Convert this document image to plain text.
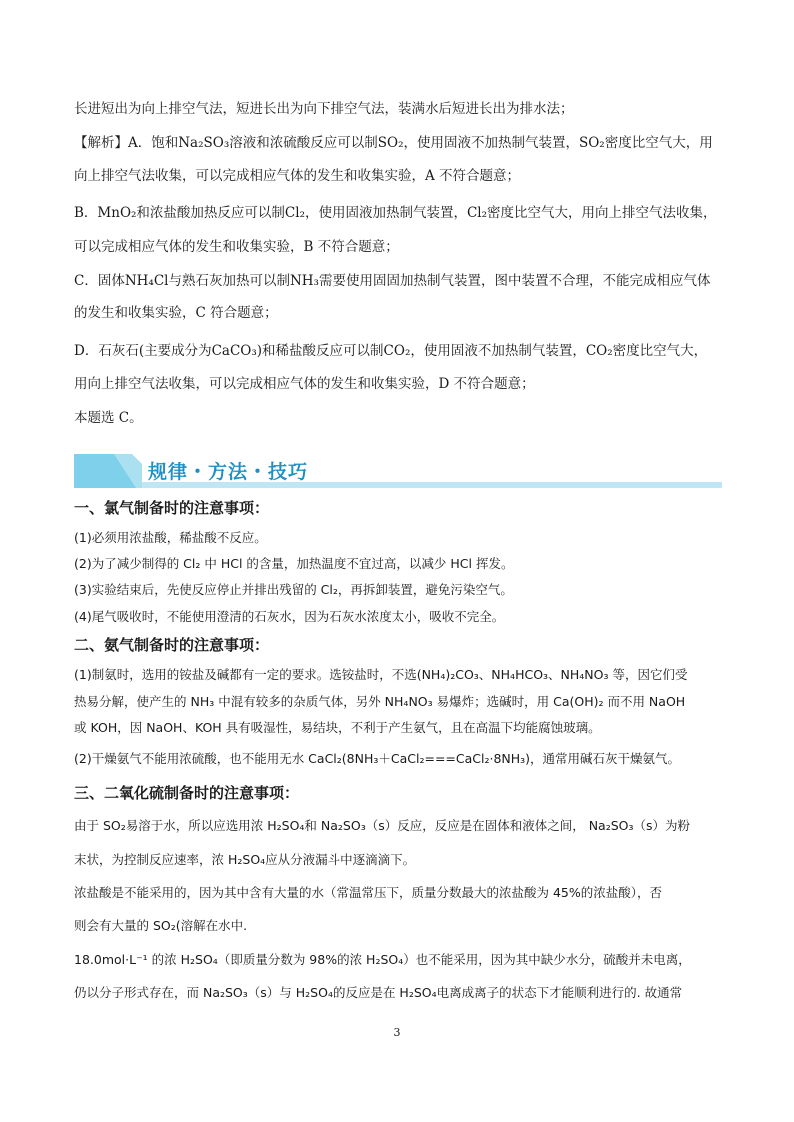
长进短出为向上排空气法，短进长出为向下排空气法，装满水后短进长出为排水法；
【解析】A．饱和Na₂SO₃溶液和浓硫酸反应可以制SO₂，使用固液不加热制气装置，SO₂密度比空气大，用
向上排空气法收集，可以完成相应气体的发生和收集实验，A 不符合题意；
B．MnO₂和浓盐酸加热反应可以制Cl₂，使用固液加热制气装置，Cl₂密度比空气大，用向上排空气法收集，
可以完成相应气体的发生和收集实验，B 不符合题意；
C．固体NH₄Cl与熟石灰加热可以制NH₃需要使用固固加热制气装置，图中装置不合理，不能完成相应气体
的发生和收集实验，C 符合题意；
D．石灰石(主要成分为CaCO₃)和稀盐酸反应可以制CO₂，使用固液不加热制气装置，CO₂密度比空气大，
用向上排空气法收集，可以完成相应气体的发生和收集实验，D 不符合题意；
本题选 C。
规律・方法・技巧
一、氯气制备时的注意事项：
(1)必须用浓盐酸，稀盐酸不反应。
(2)为了减少制得的 Cl₂ 中 HCl 的含量，加热温度不宜过高，以减少 HCl 挥发。
(3)实验结束后，先使反应停止并排出残留的 Cl₂，再拆卸装置，避免污染空气。
(4)尾气吸收时，不能使用澄清的石灰水，因为石灰水浓度太小，吸收不完全。
二、氨气制备时的注意事项：
(1)制氨时，选用的铵盐及碱都有一定的要求。选铵盐时，不选(NH₄)₂CO₃、NH₄HCO₃、NH₄NO₃ 等，因它们受
热易分解，使产生的 NH₃ 中混有较多的杂质气体，另外 NH₄NO₃ 易爆炸；选碱时，用 Ca(OH)₂ 而不用 NaOH
或 KOH，因 NaOH、KOH 具有吸湿性，易结块，不利于产生氨气，且在高温下均能腐蚀玻璃。
(2)干燥氨气不能用浓硫酸，也不能用无水 CaCl₂(8NH₃＋CaCl₂===CaCl₂·8NH₃)，通常用碱石灰干燥氨气。
三、二氧化硫制备时的注意事项：
由于 SO₂易溶于水，所以应选用浓 H₂SO₄和 Na₂SO₃（s）反应，反应是在固体和液体之间， Na₂SO₃（s）为粉
末状，为控制反应速率，浓 H₂SO₄应从分液漏斗中逐滴滴下。
浓盐酸是不能采用的，因为其中含有大量的水（常温常压下，质量分数最大的浓盐酸为 45%的浓盐酸），否
则会有大量的 SO₂(溶解在水中.
18.0mol·L⁻¹ 的浓 H₂SO₄（即质量分数为 98%的浓 H₂SO₄）也不能采用，因为其中缺少水分，硫酸并未电离，
仍以分子形式存在，而 Na₂SO₃（s）与 H₂SO₄的反应是在 H₂SO₄电离成离子的状态下才能顺利进行的. 故通常
3
